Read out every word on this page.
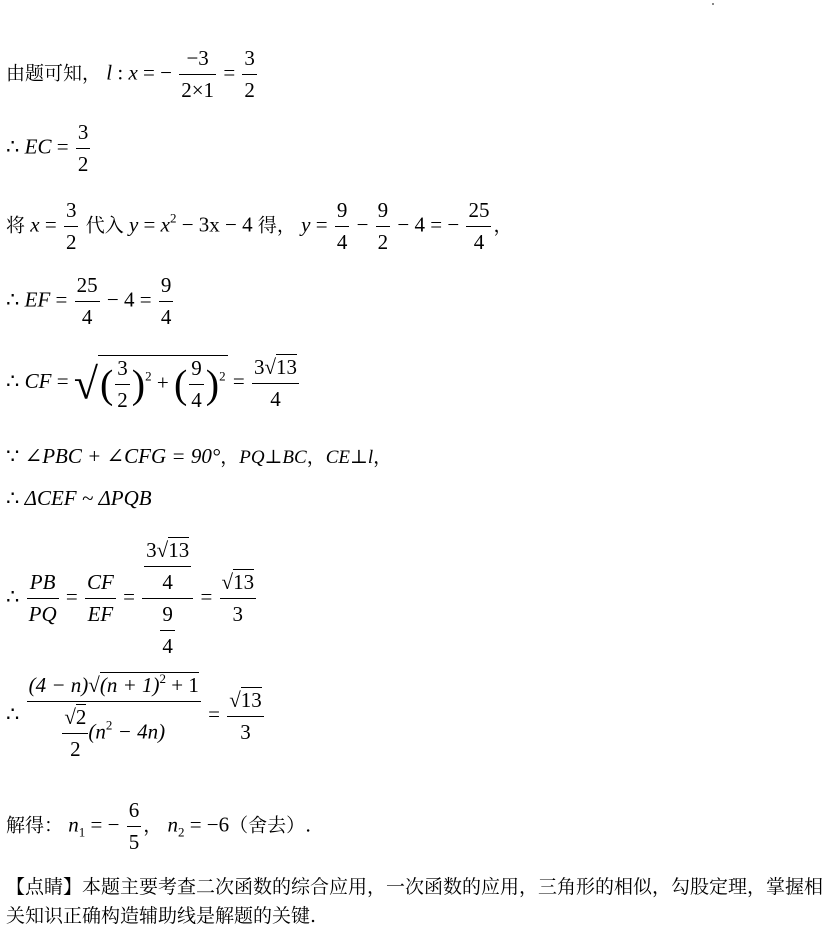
由题可知， l : x = − $\frac{-3}{2\times 1} = \frac{3}{2}$
∴ EC = $\frac{3}{2}$
将 $x = \frac{3}{2}$ 代入 $y = x^2 - 3x - 4$ 得， $y = \frac{9}{4} - \frac{9}{2} - 4$ = − $\frac{25}{4}$ ，
∴ EF = $\frac{25}{4} - 4 = \frac{9}{4}$
∴ CF = √( $\frac{3}{2} )^2$ + ( $\frac{9}{4} )^2 = \frac{3√13}{4}$
∵ ∠PBC + ∠CFG = 90°，PQ⊥BC，CE⊥l，
∴ ΔCEF ~ ΔPQB
∴ $\frac{PB}{PQ} = \frac{CF}{EF} = \frac{\frac{3√13}{4}}{\frac{9}{4}} = \frac{√13}{3}$
∴ $\frac{(4 - n)√(n + 1)^2 + 1}{\frac{√2}{2} (n^2 - 4n)} = \frac{√13}{3}$
解得： $n_1$ = − $\frac{6}{5}$ ， $n_2 = -6$（舍去）.
【点睛】本题主要考查二次函数的综合应用，一次函数的应用，三角形的相似，勾股定理，掌握相关知识正确构造辅助线是解题的关键.
